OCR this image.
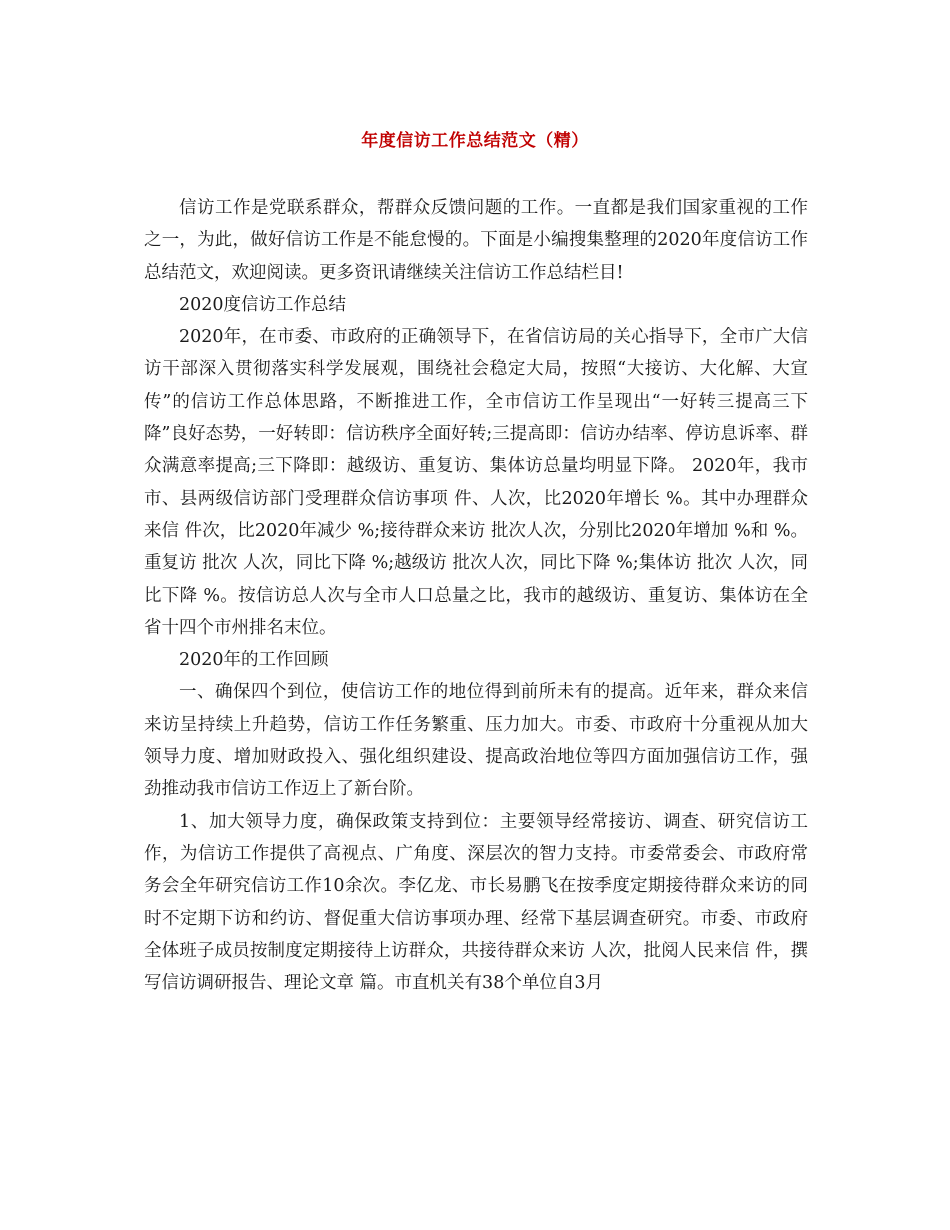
年度信访工作总结范文（精）

信访工作是党联系群众，帮群众反馈问题的工作。一直都是我们国家重视的工作之一，为此，做好信访工作是不能怠慢的。下面是小编搜集整理的2020年度信访工作总结范文，欢迎阅读。更多资讯请继续关注信访工作总结栏目!

2020度信访工作总结

2020年，在市委、市政府的正确领导下，在省信访局的关心指导下，全市广大信访干部深入贯彻落实科学发展观，围绕社会稳定大局，按照“大接访、大化解、大宣传”的信访工作总体思路，不断推进工作，全市信访工作呈现出“一好转三提高三下降”良好态势，一好转即：信访秩序全面好转;三提高即：信访办结率、停访息诉率、群众满意率提高;三下降即：越级访、重复访、集体访总量均明显下降。 2020年，我市市、县两级信访部门受理群众信访事项 件、人次，比2020年增长 %。其中办理群众来信 件次，比2020年减少 %;接待群众来访 批次人次，分别比2020年增加 %和 %。重复访 批次 人次，同比下降 %;越级访 批次人次，同比下降 %;集体访 批次 人次，同比下降 %。按信访总人次与全市人口总量之比，我市的越级访、重复访、集体访在全省十四个市州排名末位。

2020年的工作回顾

一、确保四个到位，使信访工作的地位得到前所未有的提高。近年来，群众来信来访呈持续上升趋势，信访工作任务繁重、压力加大。市委、市政府十分重视从加大领导力度、增加财政投入、强化组织建设、提高政治地位等四方面加强信访工作，强劲推动我市信访工作迈上了新台阶。

1、加大领导力度，确保政策支持到位：主要领导经常接访、调查、研究信访工作，为信访工作提供了高视点、广角度、深层次的智力支持。市委常委会、市政府常务会全年研究信访工作10余次。李亿龙、市长易鹏飞在按季度定期接待群众来访的同时不定期下访和约访、督促重大信访事项办理、经常下基层调查研究。市委、市政府全体班子成员按制度定期接待上访群众，共接待群众来访 人次，批阅人民来信 件，撰写信访调研报告、理论文章 篇。市直机关有38个单位自3月
